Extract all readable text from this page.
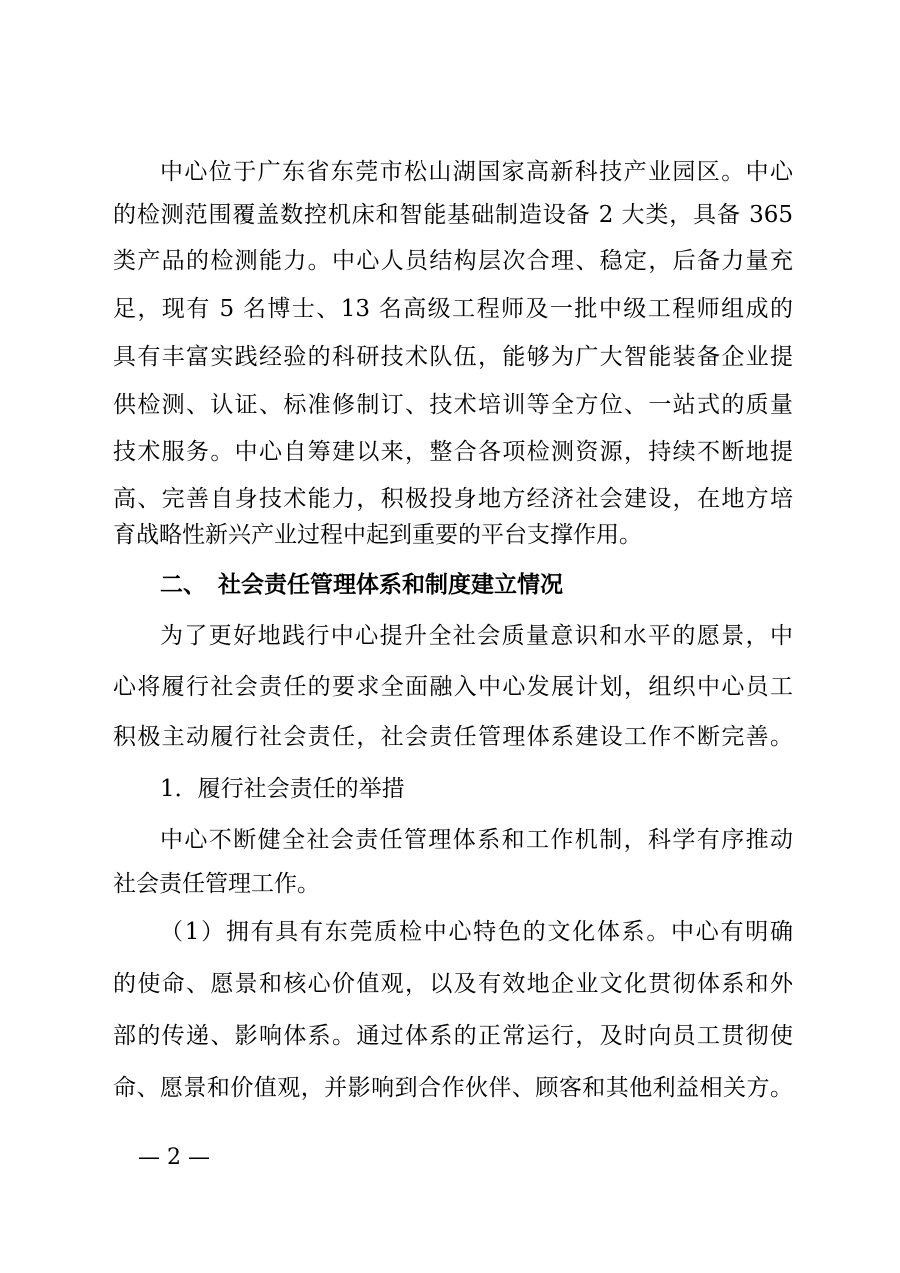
中心位于广东省东莞市松山湖国家高新科技产业园区。中心
的检测范围覆盖数控机床和智能基础制造设备 2 大类，具备 365
类产品的检测能力。中心人员结构层次合理、稳定，后备力量充
足，现有 5 名博士、13 名高级工程师及一批中级工程师组成的
具有丰富实践经验的科研技术队伍，能够为广大智能装备企业提
供检测、认证、标准修制订、技术培训等全方位、一站式的质量
技术服务。中心自筹建以来，整合各项检测资源，持续不断地提
高、完善自身技术能力，积极投身地方经济社会建设，在地方培
育战略性新兴产业过程中起到重要的平台支撑作用。
二、 社会责任管理体系和制度建立情况
为了更好地践行中心提升全社会质量意识和水平的愿景，中
心将履行社会责任的要求全面融入中心发展计划，组织中心员工
积极主动履行社会责任，社会责任管理体系建设工作不断完善。
1．履行社会责任的举措
中心不断健全社会责任管理体系和工作机制，科学有序推动
社会责任管理工作。
（1）拥有具有东莞质检中心特色的文化体系。中心有明确
的使命、愿景和核心价值观，以及有效地企业文化贯彻体系和外
部的传递、影响体系。通过体系的正常运行，及时向员工贯彻使
命、愿景和价值观，并影响到合作伙伴、顾客和其他利益相关方。
— 2 —
